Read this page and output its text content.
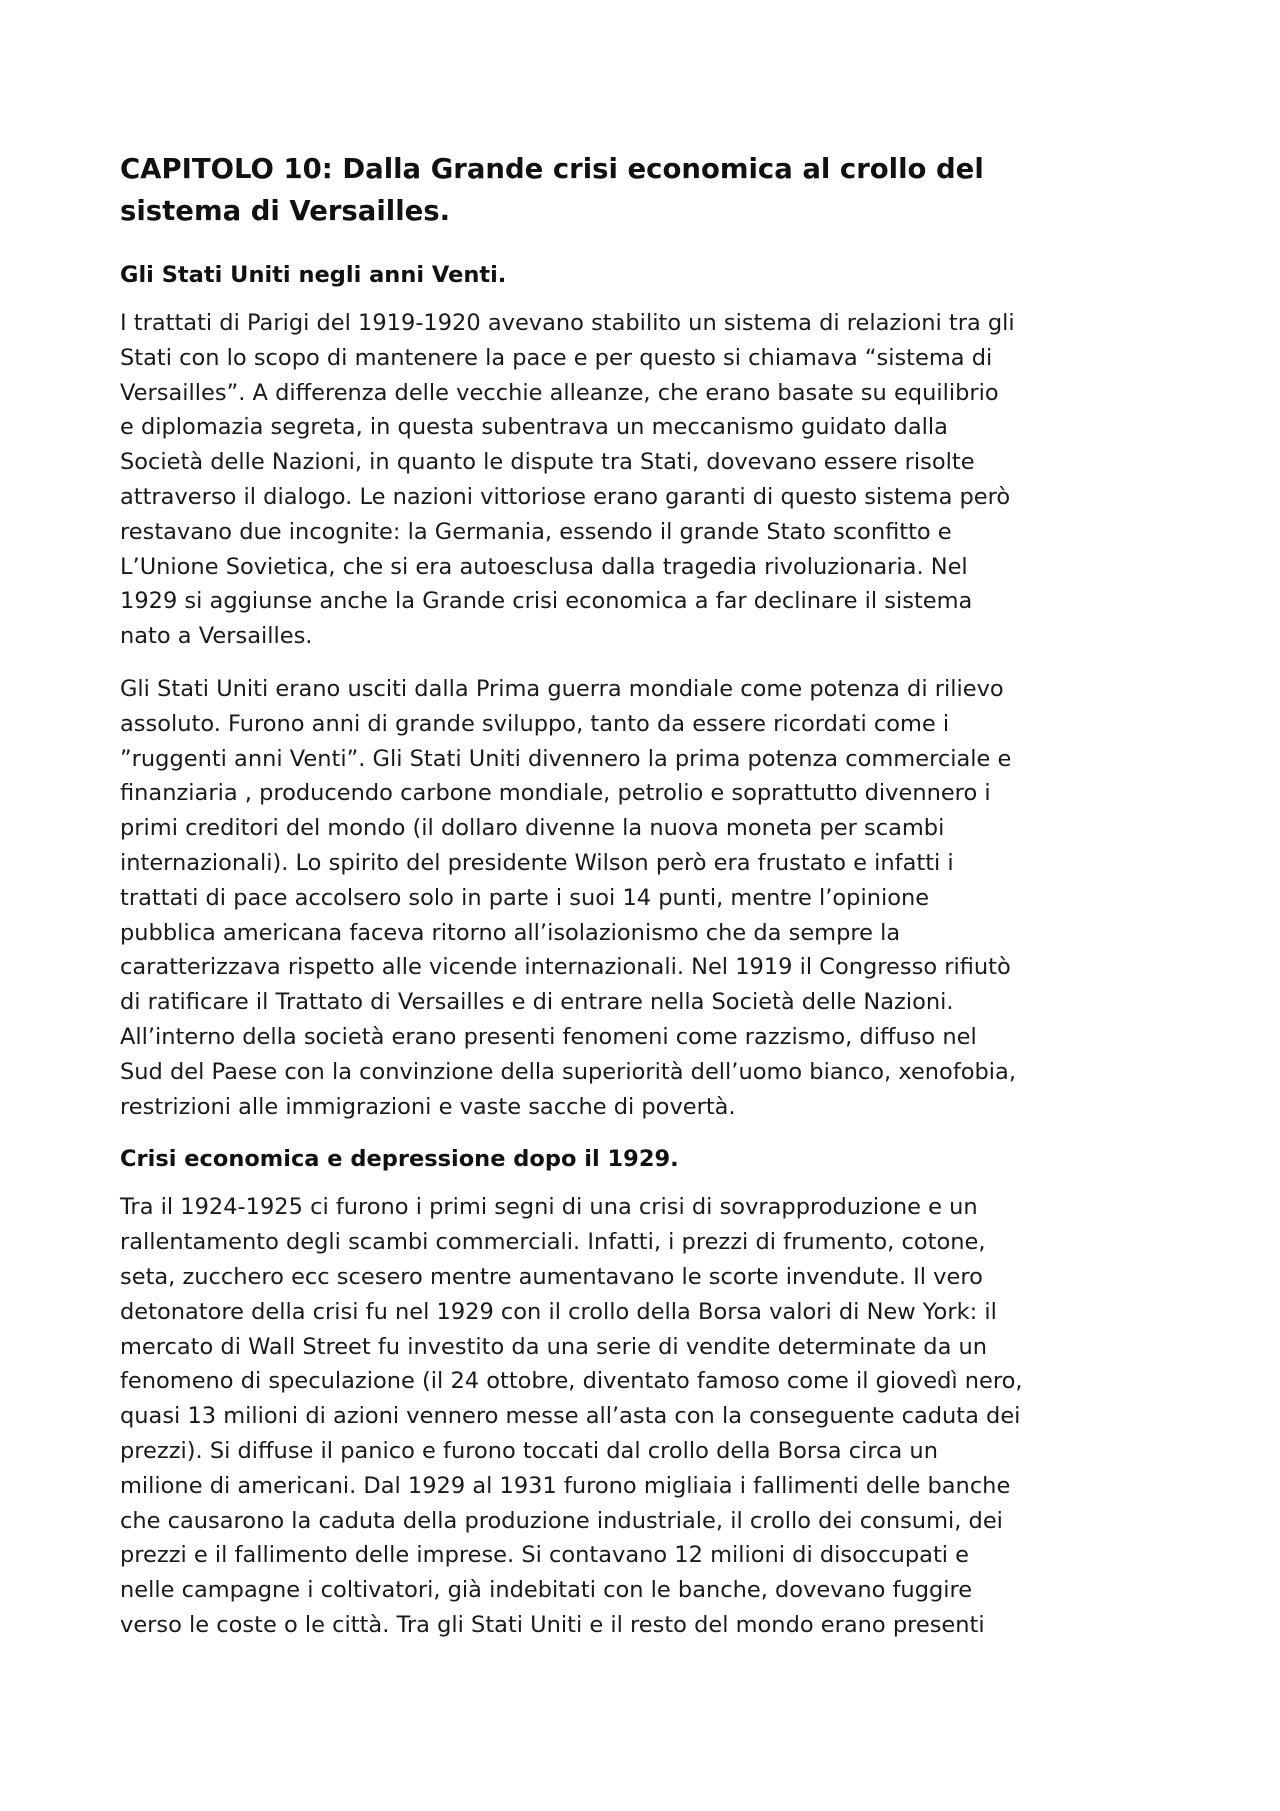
CAPITOLO 10: Dalla Grande crisi economica al crollo del
sistema di Versailles.
Gli Stati Uniti negli anni Venti.

I trattati di Parigi del 1919-1920 avevano stabilito un sistema di relazioni tra gli
Stati con lo scopo di mantenere la pace e per questo si chiamava “sistema di
Versailles”. A differenza delle vecchie alleanze, che erano basate su equilibrio
e diplomazia segreta, in questa subentrava un meccanismo guidato dalla
Società delle Nazioni, in quanto le dispute tra Stati, dovevano essere risolte
attraverso il dialogo. Le nazioni vittoriose erano garanti di questo sistema però
restavano due incognite: la Germania, essendo il grande Stato sconfitto e
L’Unione Sovietica, che si era autoesclusa dalla tragedia rivoluzionaria. Nel
1929 si aggiunse anche la Grande crisi economica a far declinare il sistema
nato a Versailles.

Gli Stati Uniti erano usciti dalla Prima guerra mondiale come potenza di rilievo
assoluto. Furono anni di grande sviluppo, tanto da essere ricordati come i
”ruggenti anni Venti”. Gli Stati Uniti divennero la prima potenza commerciale e
finanziaria , producendo carbone mondiale, petrolio e soprattutto divennero i
primi creditori del mondo (il dollaro divenne la nuova moneta per scambi
internazionali). Lo spirito del presidente Wilson però era frustato e infatti i
trattati di pace accolsero solo in parte i suoi 14 punti, mentre l’opinione
pubblica americana faceva ritorno all’isolazionismo che da sempre la
caratterizzava rispetto alle vicende internazionali. Nel 1919 il Congresso rifiutò
di ratificare il Trattato di Versailles e di entrare nella Società delle Nazioni.
All’interno della società erano presenti fenomeni come razzismo, diffuso nel
Sud del Paese con la convinzione della superiorità dell’uomo bianco, xenofobia,
restrizioni alle immigrazioni e vaste sacche di povertà.

Crisi economica e depressione dopo il 1929.

Tra il 1924-1925 ci furono i primi segni di una crisi di sovrapproduzione e un
rallentamento degli scambi commerciali. Infatti, i prezzi di frumento, cotone,
seta, zucchero ecc scesero mentre aumentavano le scorte invendute. Il vero
detonatore della crisi fu nel 1929 con il crollo della Borsa valori di New York: il
mercato di Wall Street fu investito da una serie di vendite determinate da un
fenomeno di speculazione (il 24 ottobre, diventato famoso come il giovedì nero,
quasi 13 milioni di azioni vennero messe all’asta con la conseguente caduta dei
prezzi). Si diffuse il panico e furono toccati dal crollo della Borsa circa un
milione di americani. Dal 1929 al 1931 furono migliaia i fallimenti delle banche
che causarono la caduta della produzione industriale, il crollo dei consumi, dei
prezzi e il fallimento delle imprese. Si contavano 12 milioni di disoccupati e
nelle campagne i coltivatori, già indebitati con le banche, dovevano fuggire
verso le coste o le città. Tra gli Stati Uniti e il resto del mondo erano presenti
